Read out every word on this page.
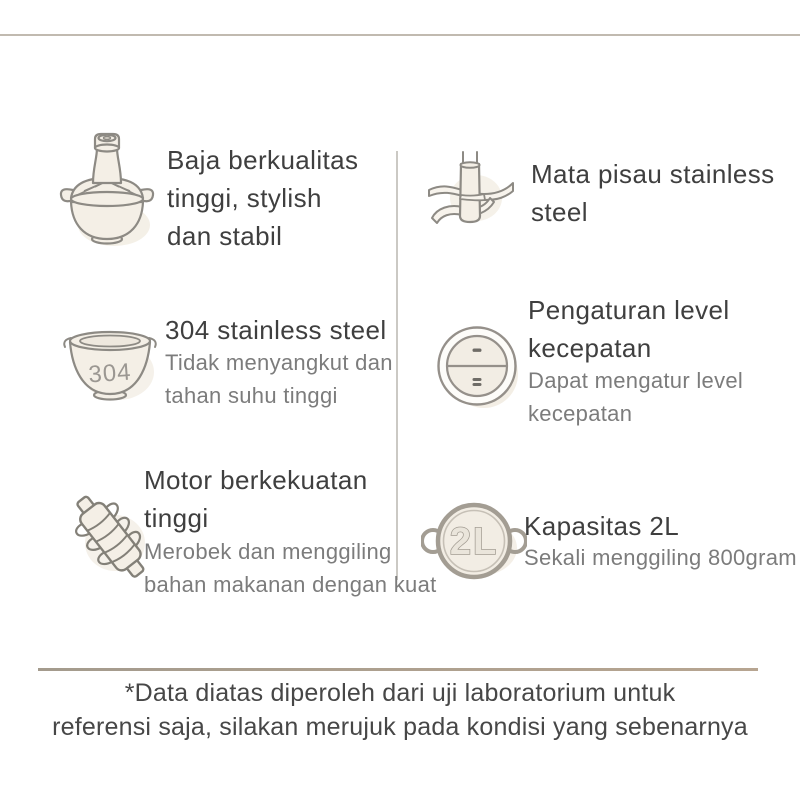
Baja berkualitas
tinggi, stylish
dan stabil
Mata pisau stainless
steel
304
304 stainless steel
Tidak menyangkut dan
tahan suhu tinggi
Pengaturan level
kecepatan
Dapat mengatur level
kecepatan
Motor berkekuatan
tinggi
Merobek dan menggiling
bahan makanan dengan kuat
2L Kapasitas 2L
Sekali menggiling 800gram
*Data diatas diperoleh dari uji laboratorium untuk
referensi saja, silakan merujuk pada kondisi yang sebenarnya
